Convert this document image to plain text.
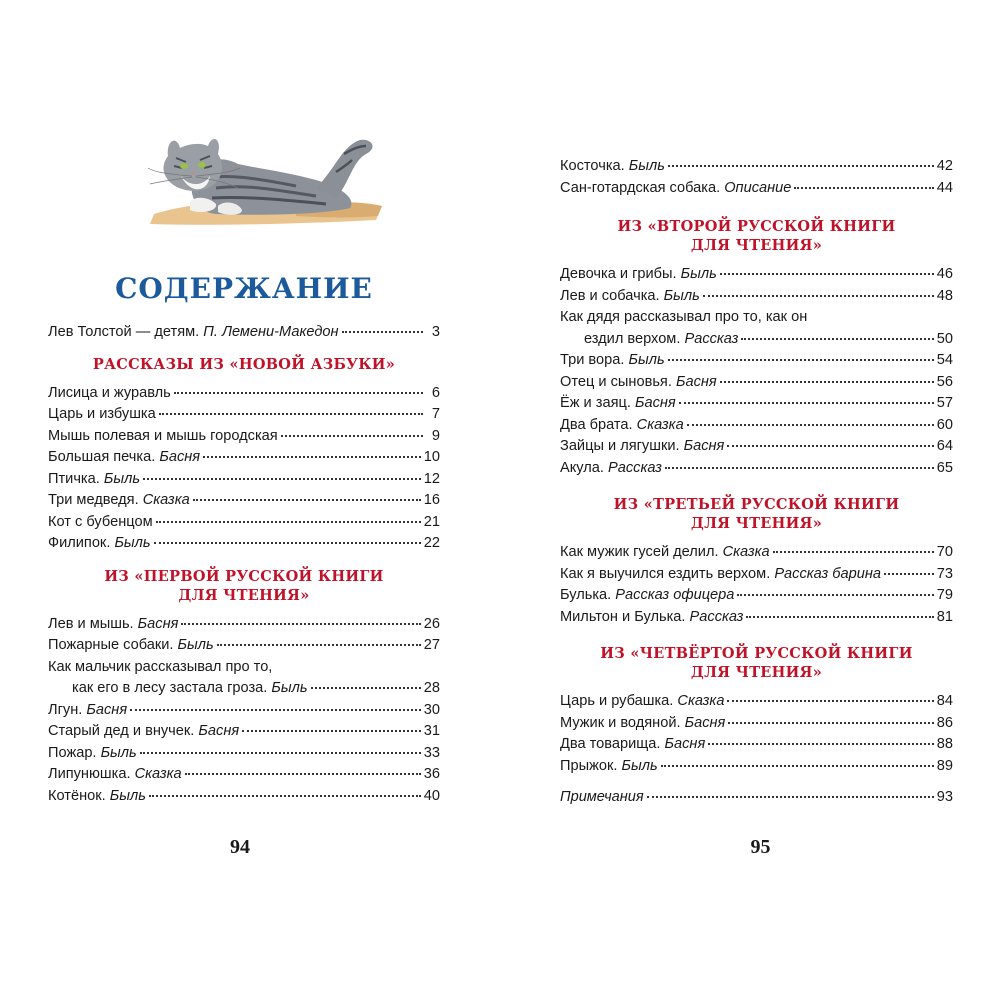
СОДЕРЖАНИЕ
Лев Толстой — детям. П. Лемени-Македон	3
РАССКАЗЫ ИЗ «НОВОЙ АЗБУКИ»
Лисица и журавль	6
Царь и избушка	7
Мышь полевая и мышь городская	9
Большая печка. Басня	10
Птичка. Быль	12
Три медведя. Сказка	16
Кот с бубенцом	21
Филипок. Быль	22
ИЗ «ПЕРВОЙ РУССКОЙ КНИГИ
ДЛЯ ЧТЕНИЯ»
Лев и мышь. Басня	26
Пожарные собаки. Быль	27
Как мальчик рассказывал про то,
как его в лесу застала гроза. Быль	28
Лгун. Басня	30
Старый дед и внучек. Басня	31
Пожар. Быль	33
Липунюшка. Сказка	36
Котёнок. Быль	40
94
Косточка. Быль	42
Сан-готардская собака. Описание	44
ИЗ «ВТОРОЙ РУССКОЙ КНИГИ
ДЛЯ ЧТЕНИЯ»
Девочка и грибы. Быль	46
Лев и собачка. Быль	48
Как дядя рассказывал про то, как он
ездил верхом. Рассказ	50
Три вора. Быль	54
Отец и сыновья. Басня	56
Ёж и заяц. Басня	57
Два брата. Сказка	60
Зайцы и лягушки. Басня	64
Акула. Рассказ	65
ИЗ «ТРЕТЬЕЙ РУССКОЙ КНИГИ
ДЛЯ ЧТЕНИЯ»
Как мужик гусей делил. Сказка	70
Как я выучился ездить верхом. Рассказ барина	73
Булька. Рассказ офицера	79
Мильтон и Булька. Рассказ	81
ИЗ «ЧЕТВЁРТОЙ РУССКОЙ КНИГИ
ДЛЯ ЧТЕНИЯ»
Царь и рубашка. Сказка	84
Мужик и водяной. Басня	86
Два товарища. Басня	88
Прыжок. Быль	89
Примечания	93
95
